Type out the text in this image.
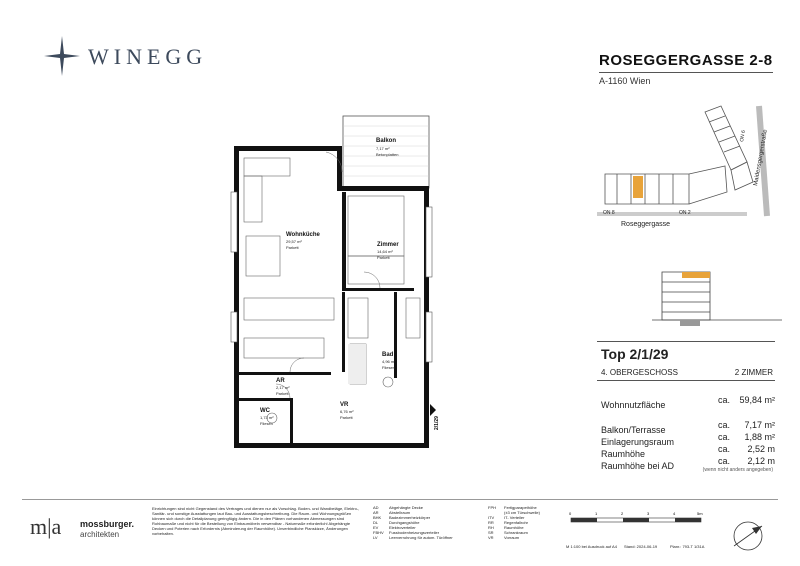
WINEGG	ROSEGGERGASSE 2-8
A-1160 Wien
ON 8	ON 2
ON 6 Maidensgergerstraße
Roseggergasse
Top 2/1/29
4. OBERGESCHOSS	2 ZIMMER
Wohnnutzfläche	ca. 59,84 m²
Balkon/Terrasse	ca. 7,17 m²
Einlagerungsraum	ca. 1,88 m²
Raumhöhe	ca. 2,52 m
Raumhöhe bei AD	ca. 2,12 m
(wenn nicht anders angegeben)
Balkon
7,17 m²
Betonplatten
Wohnküche
29,57 m²
Parkett	Zimmer
14,64 m²
Parkett
Bad
4,96 m²
Fliesen
AR
2,17 m²
Parkett
WC
1,73 m²
Fliesen
VR
6,76 m²
Parkett	2/1/29
m|a mossburger.
architekten
Einrichtungen sind nicht Gegenstand des Vertrages und dienen nur als Vorschlag. Boden- und Wandbeläge, Elektro-, Sanitär- und sonstige Ausstattungen laut Bau- und Ausstattungsbeschreibung. Die Raum- und Wohnungsgrößen können sich durch die Detailplanung geringfügig ändern. Die in den Plänen vorhandenen Abmessungen sind Rohbaumaße und nicht für die Bestellung von Einbaumöbeln verwendbar - Naturmaße erforderlich! Abgehängte Decken und Poterien nach Erfordernis (Abminderung der Raumhöhe). Unverbindliche Planskizze, Änderungen vorbehalten.
AD	Abgehängte Decke
AR	Abstellraum
BHK Badezimmerheizkörper
DL	Durchgangshöhe
EV	Elektroverteiler
FBHV Fussbodenheizungsverteiler
LV	Leerverrohrung für autom. Türöffner
FPH Fertigparapethöhe
(±3 cm Türschwelle)
ITV IT- Verteiler
RR	Regenfallrohr
RH	Raumhöhe
SR	Schrankraum
VR	Vorraum
0	1	2	3	4	5m
M 1:100 bei Ausdruck auf A4 Stand: 2024-06-19	Planr.: 793-T 1/31A
